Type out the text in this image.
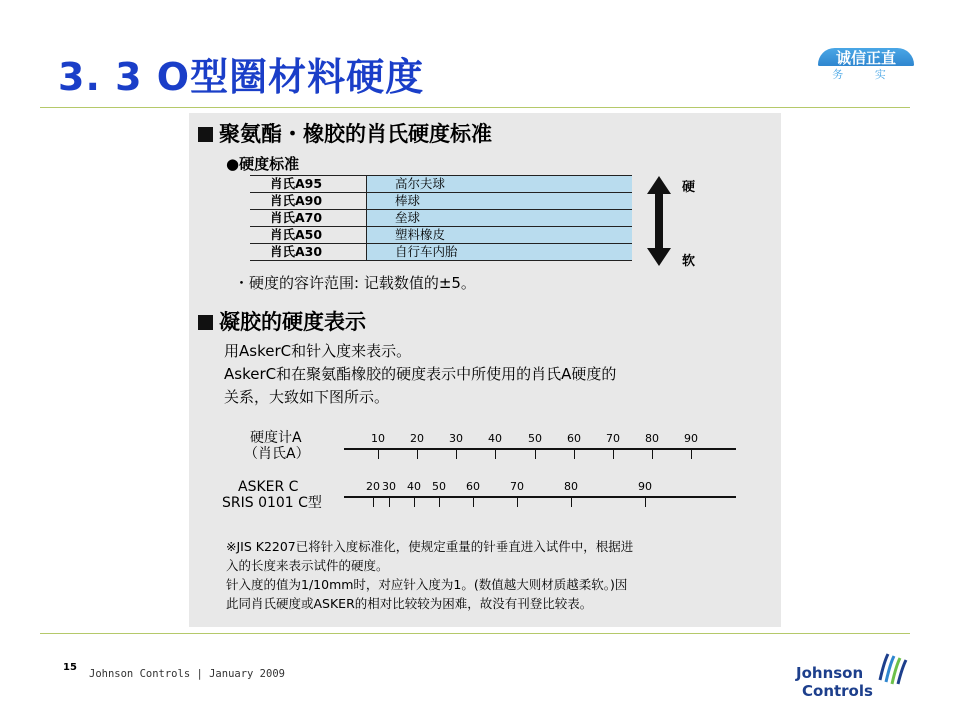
3. 3 O型圈材料硬度	诚信正直
务 实
聚氨酯・橡胶的肖氏硬度标准
●硬度标准
肖氏A95	高尔夫球
肖氏A90	棒球
肖氏A70	垒球
肖氏A50	塑料橡皮
肖氏A30	自行车内胎
硬
软
・硬度的容许范围: 记载数值的±5。
凝胶的硬度表示
用AskerC和针入度来表示。
AskerC和在聚氨酯橡胶的硬度表示中所使用的肖氏A硬度的
关系，大致如下图所示。
硬度计A
（肖氏A）
10 20 30 40 50 60 70 80 90
ASKER C
SRIS 0101 C型
20 30 40 50 60	70	80	90
※JIS K2207已将针入度标准化，使规定重量的针垂直进入试件中，根据进
入的长度来表示试件的硬度。
针入度的值为1/10mm时，对应针入度为1。(数值越大则材质越柔软。)因
此同肖氏硬度或ASKER的相对比较较为困难，故没有刊登比较表。
15
Johnson Controls | January 2009	Johnson
Controls
